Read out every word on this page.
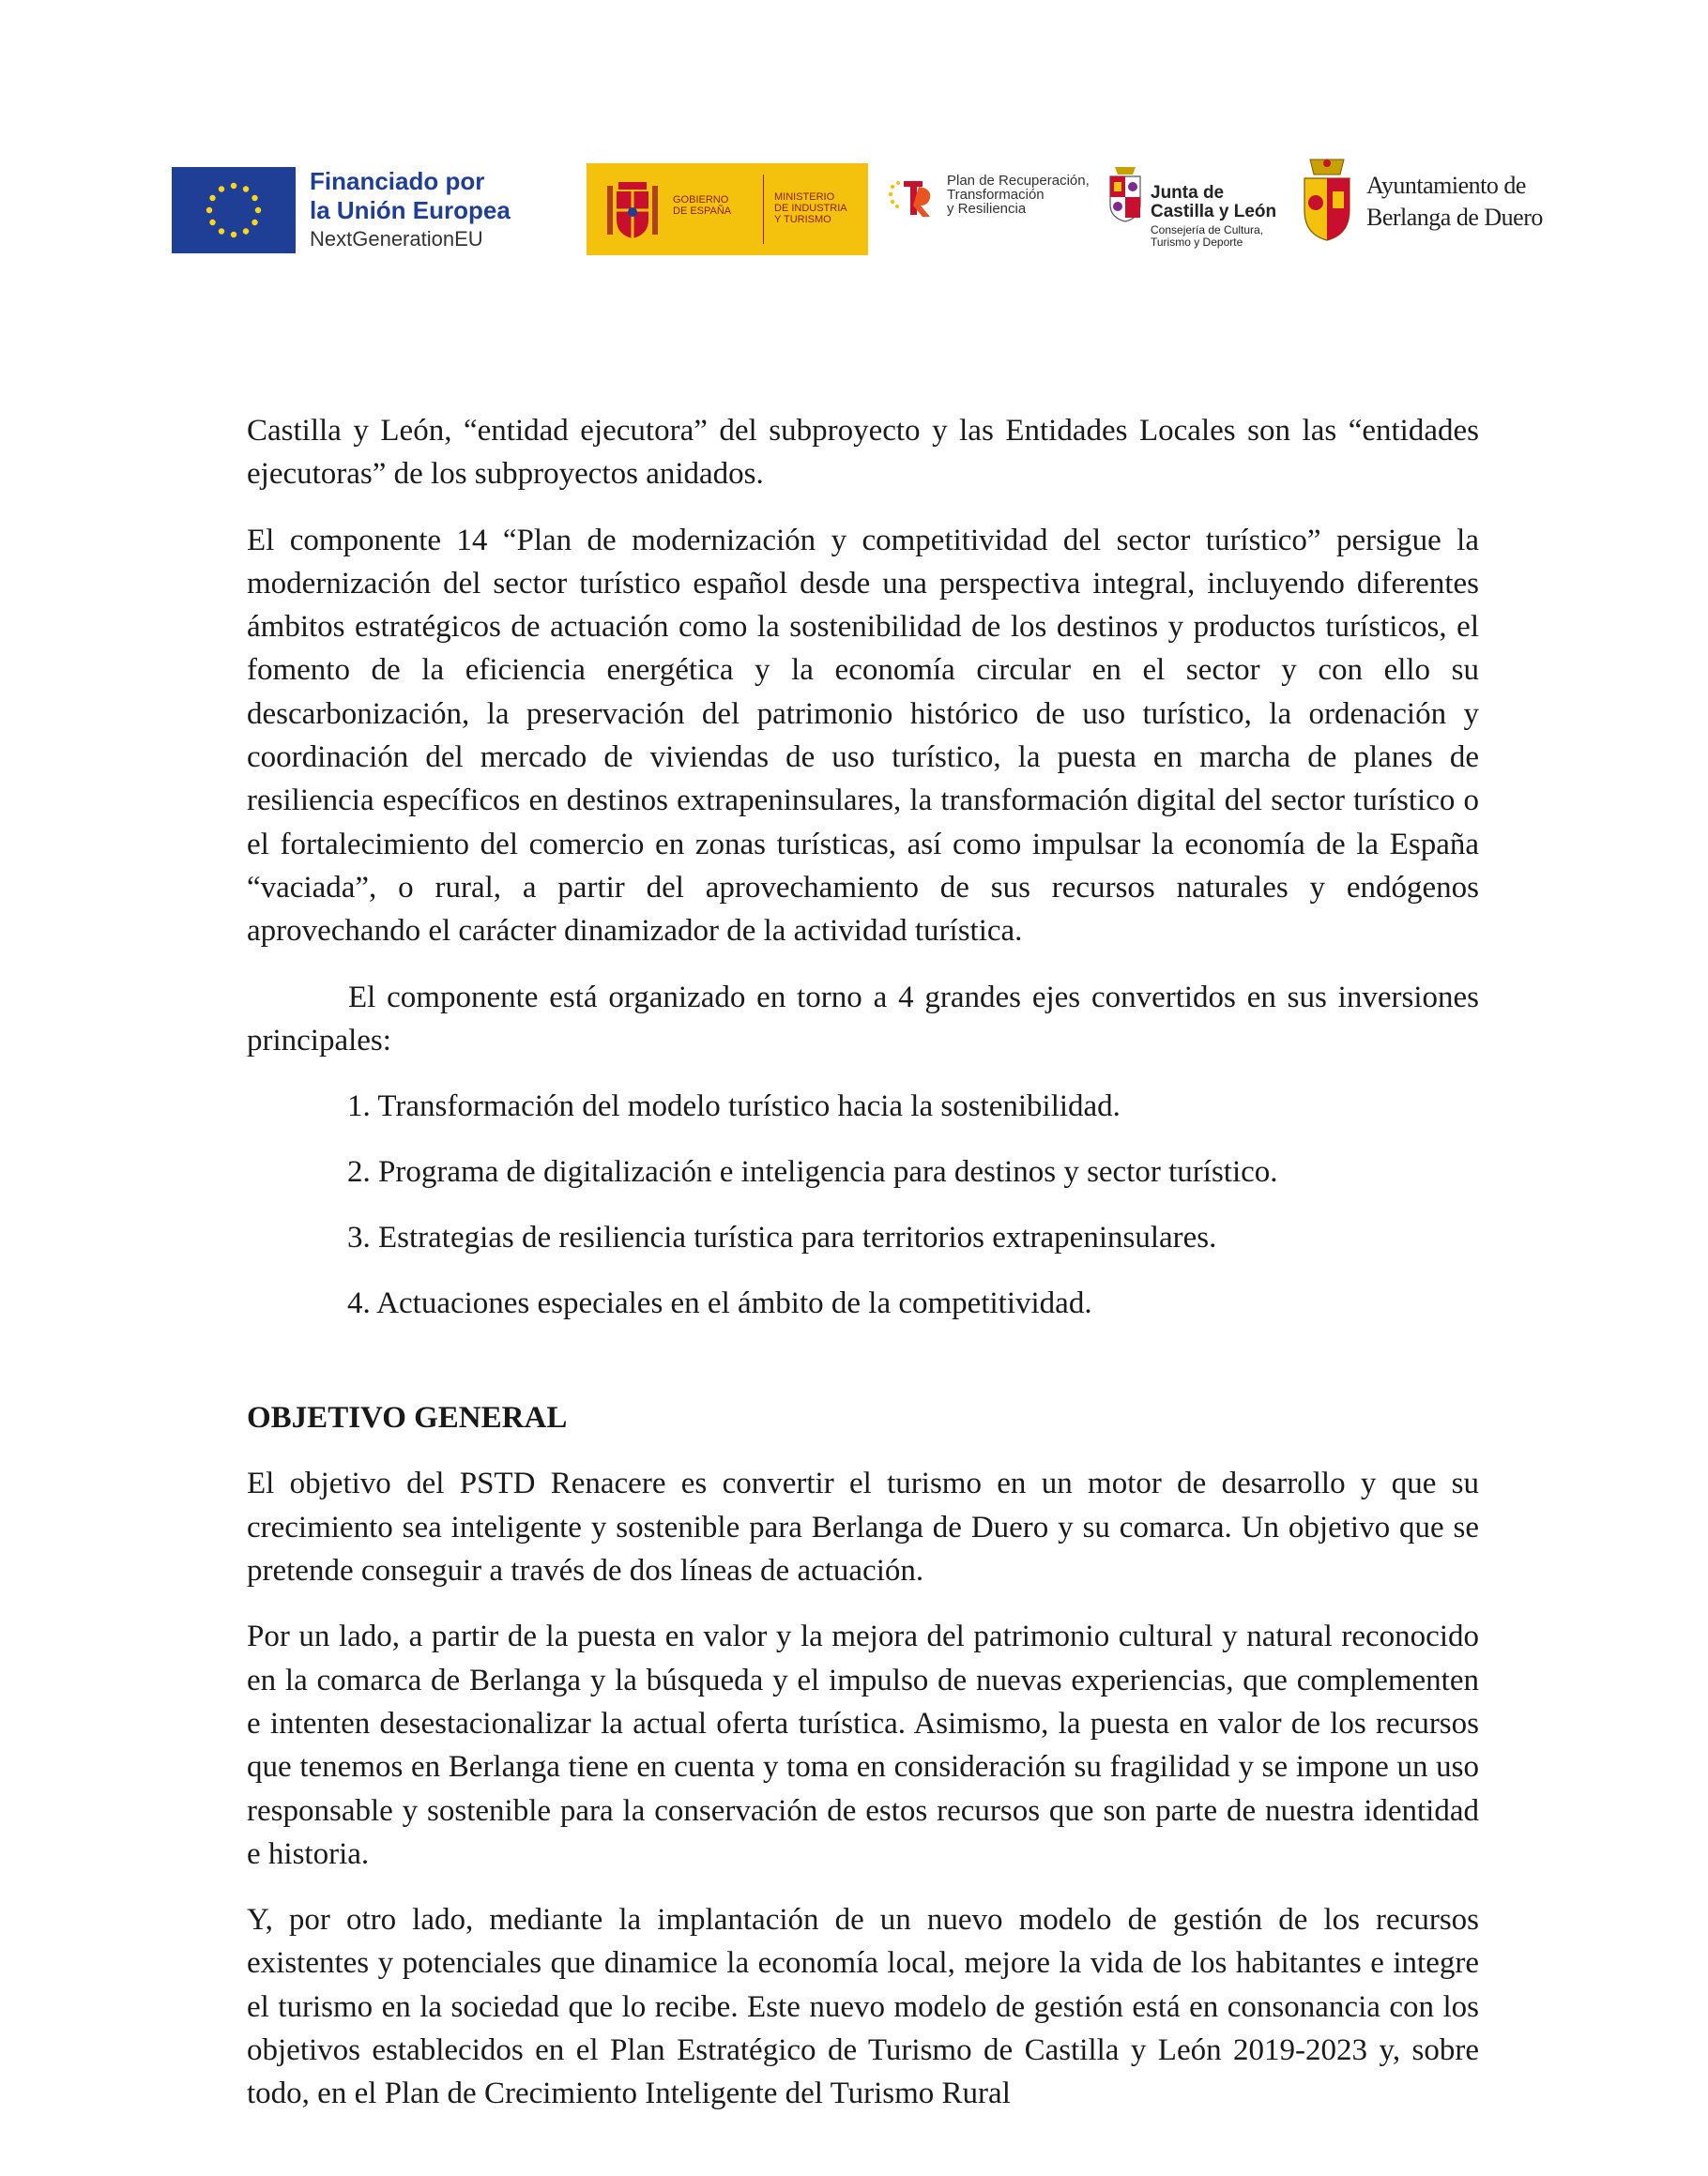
Financiado por
la Unión Europea
NextGenerationEU
GOBIERNO
DE ESPAÑA
MINISTERIO
DE INDUSTRIA
Y TURISMO
Plan de Recuperación,
Transformación
y Resiliencia
Junta de
Castilla y León
Consejería de Cultura,
Turismo y Deporte
Ayuntamiento de
Berlanga de Duero

Castilla y León, “entidad ejecutora” del subproyecto y las Entidades Locales son las “entidades ejecutoras” de los subproyectos anidados.

El componente 14 “Plan de modernización y competitividad del sector turístico” persigue la modernización del sector turístico español desde una perspectiva integral, incluyendo diferentes ámbitos estratégicos de actuación como la sostenibilidad de los destinos y productos turísticos, el fomento de la eficiencia energética y la economía circular en el sector y con ello su descarbonización, la preservación del patrimonio histórico de uso turístico, la ordenación y coordinación del mercado de viviendas de uso turístico, la puesta en marcha de planes de resiliencia específicos en destinos extrapeninsulares, la transformación digital del sector turístico o el fortalecimiento del comercio en zonas turísticas, así como impulsar la economía de la España “vaciada”, o rural, a partir del aprovechamiento de sus recursos naturales y endógenos aprovechando el carácter dinamizador de la actividad turística.

El componente está organizado en torno a 4 grandes ejes convertidos en sus inversiones principales:

1. Transformación del modelo turístico hacia la sostenibilidad.
2. Programa de digitalización e inteligencia para destinos y sector turístico.
3. Estrategias de resiliencia turística para territorios extrapeninsulares.
4. Actuaciones especiales en el ámbito de la competitividad.

OBJETIVO GENERAL

El objetivo del PSTD Renacere es convertir el turismo en un motor de desarrollo y que su crecimiento sea inteligente y sostenible para Berlanga de Duero y su comarca. Un objetivo que se pretende conseguir a través de dos líneas de actuación.

Por un lado, a partir de la puesta en valor y la mejora del patrimonio cultural y natural reconocido en la comarca de Berlanga y la búsqueda y el impulso de nuevas experiencias, que complementen e intenten desestacionalizar la actual oferta turística. Asimismo, la puesta en valor de los recursos que tenemos en Berlanga tiene en cuenta y toma en consideración su fragilidad y se impone un uso responsable y sostenible para la conservación de estos recursos que son parte de nuestra identidad e historia.

Y, por otro lado, mediante la implantación de un nuevo modelo de gestión de los recursos existentes y potenciales que dinamice la economía local, mejore la vida de los habitantes e integre el turismo en la sociedad que lo recibe. Este nuevo modelo de gestión está en consonancia con los objetivos establecidos en el Plan Estratégico de Turismo de Castilla y León 2019-2023 y, sobre todo, en el Plan de Crecimiento Inteligente del Turismo Rural
